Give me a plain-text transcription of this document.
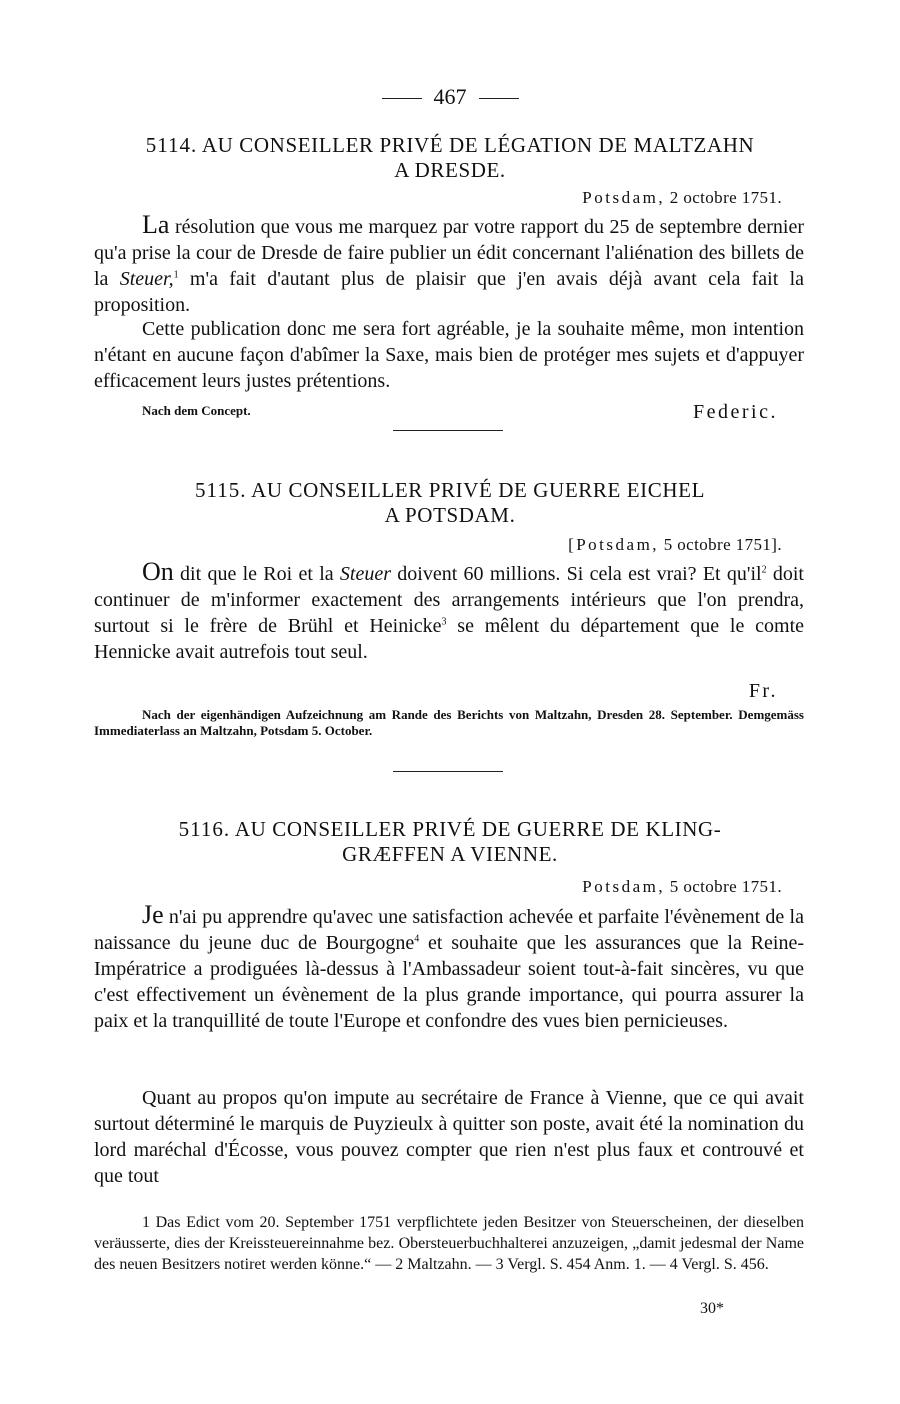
467
5114. AU CONSEILLER PRIVÉ DE LÉGATION DE MALTZAHN
A DRESDE.
Potsdam, 2 octobre 1751.
La résolution que vous me marquez par votre rapport du 25 de septembre dernier qu'a prise la cour de Dresde de faire publier un édit concernant l'aliénation des billets de la Steuer,$^1$ m'a fait d'autant plus de plaisir que j'en avais déjà avant cela fait la proposition.
Cette publication donc me sera fort agréable, je la souhaite même, mon intention n'étant en aucune façon d'abîmer la Saxe, mais bien de protéger mes sujets et d'appuyer efficacement leurs justes prétentions.
Nach dem Concept.	Federic.
5115. AU CONSEILLER PRIVÉ DE GUERRE EICHEL
A POTSDAM.
[Potsdam, 5 octobre 1751].
On dit que le Roi et la Steuer doivent 60 millions. Si cela est vrai? Et $qu'il^2$ doit continuer de m'informer exactement des arrangements intérieurs que l'on prendra, surtout si le frère de Brühl et Heinicke$^3$ se mêlent du département que le comte Hennicke avait autrefois tout seul.
Fr.
Nach der eigenhändigen Aufzeichnung am Rande des Berichts von Maltzahn, Dresden 28. September. Demgemäss Immediaterlass an Maltzahn, Potsdam 5. October.
5116. AU CONSEILLER PRIVÉ DE GUERRE DE KLING-
GRÆFFEN A VIENNE.
Potsdam, 5 octobre 1751.
Je n'ai pu apprendre qu'avec une satisfaction achevée et parfaite l'évènement de la naissance du jeune duc de Bourgogne$^4$ et souhaite que les assurances que la Reine-Impératrice a prodiguées là-dessus à l'Ambassadeur soient tout-à-fait sincères, vu que c'est effectivement un évènement de la plus grande importance, qui pourra assurer la paix et la tranquillité de toute l'Europe et confondre des vues bien pernicieuses.
Quant au propos qu'on impute au secrétaire de France à Vienne, que ce qui avait surtout déterminé le marquis de Puyzieulx à quitter son poste, avait été la nomination du lord maréchal d'Écosse, vous pouvez compter que rien n'est plus faux et controuvé et que tout
1 Das Edict vom 20. September 1751 verpflichtete jeden Besitzer von Steuerscheinen, der dieselben veräusserte, dies der Kreissteuereinnahme bez. Obersteuerbuchhalterei anzuzeigen, „damit jedesmal der Name des neuen Besitzers notiret werden könne.“ — 2 Maltzahn. — 3 Vergl. S. 454 Anm. 1. — 4 Vergl. S. 456.
30*
